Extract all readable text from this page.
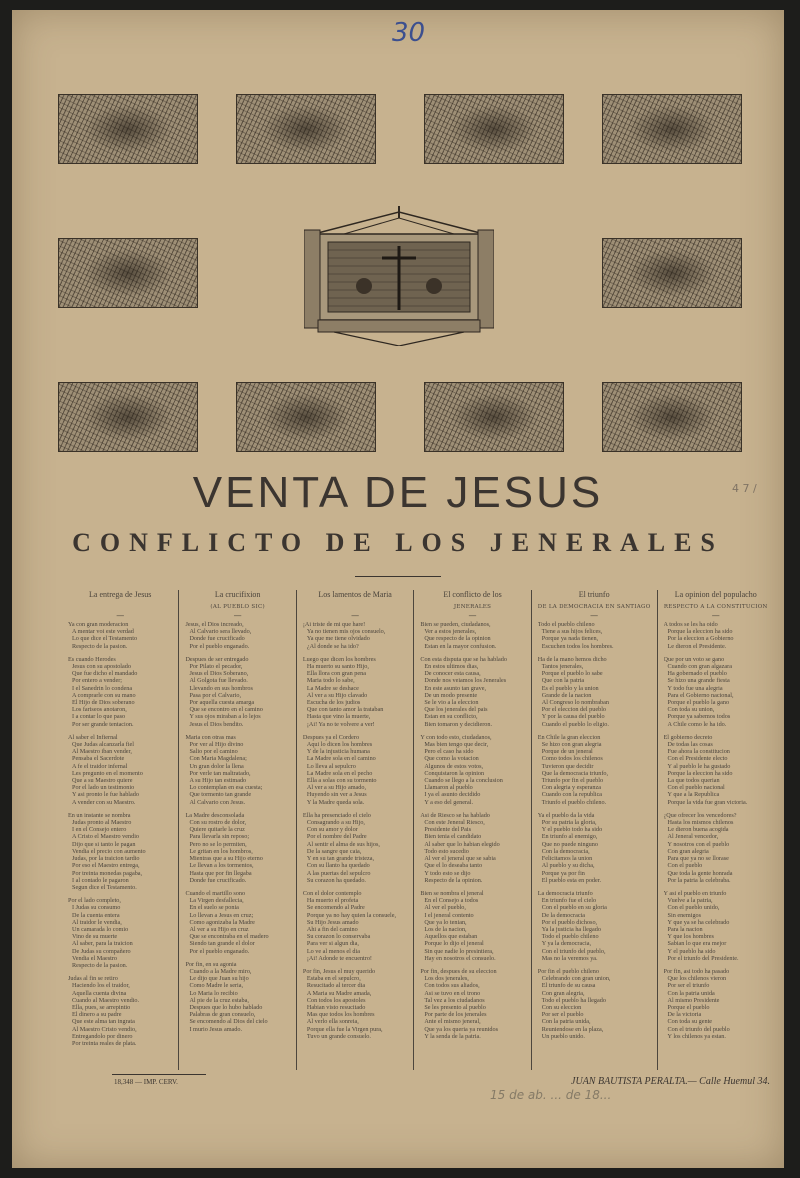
30
4 7 /
VENTA DE JESUS
CONFLICTO DE LOS JENERALES
La entrega de Jesus
—
Ya con gran moderacion
A mentar voi este verdad
Lo que dice el Testamento
Respecto de la pasion.
Es cuando Herodes
Jesus con su apostolado
Que fue dicho el mandado
Por entero a vender;
I el Sanedrin lo condena
A comprarle con su mano
El Hijo de Dios soberano
Los fariseos anotaron,
I a contar lo que paso
Por ser grande tentacion.
Al saber el Infiernal
Que Judas alcanzarla fiel
Al Maestro iban vender,
Pensaba el Sacerdote
A fe el traidor infernal
Les pregunto en el momento
Que a su Maestro quiere
Por el lado un testimonio
Y asi pronto le fue hablado
A vender con su Maestro.
En un instante se nombra
Judas pronto al Maestro
I en el Consejo entero
A Cristo el Maestro vendio
Dijo que si tanto le pagan
Vendia el precio con aumento
Judas, por la traicion tardio
Por eso el Maestro entrega,
Por treinta monedas pagaba,
I al contado le pagaron
Segun dice el Testamento.
Por el lado completo,
I Judas su consumo
De la cuenta entera
Al traidor le vendia,
Un camarada lo comio
Vino de su muerte
Al saber, para la traicion
De Judas su compañero
Vendia el Maestro
Respecto de la pasion.
Judas al fin se retiro
Haciendo los el traidor,
Aquella cuenta divina
Cuando al Maestro vendio.
Ella, pues, se arrepintio
El dinero a su padre
Que este alma tan ingrata
Al Maestro Cristo vendio,
Entregandolo por dinero
Por treinta reales de plata.
La crucifixion
(AL PUEBLO SIC)
—
Jesus, el Dios increado,
Al Calvario sera llevado,
Donde fue crucificado
Por el pueblo enganado.
Despues de ser entregado
Por Pilato el pecador,
Jesus el Dios Soberano,
Al Golgota fue llevado.
Llevando en sus hombros
Pasa por el Calvario,
Por aquella cuesta amarga
Que se encontro en el camino
Y sus ojos miraban a lo lejos
Jesus el Dios bendito.
Maria con otras mas
Por ver al Hijo divino
Salio por el camino
Con Maria Magdalena;
Un gran dolor la llena
Por verle tan maltratado,
A su Hijo tan estimado
Lo contemplan en esa cuesta;
Que tormento tan grande
Al Calvario con Jesus.
La Madre desconsolada
Con su rostro de dolor,
Quiere quitarle la cruz
Para llevarla sin reposo;
Pero no se lo permiten,
Le gritan en los hombros,
Mientras que a su Hijo eterno
Le llevan a los tormentos,
Hasta que por fin llegaba
Donde fue crucificado.
Cuando el martillo sono
La Virgen desfallecia,
En el suelo se ponia
Lo llevan a Jesus en cruz;
Como agonizaba la Madre
Al ver a su Hijo en cruz
Que se encontraba en el madero
Siendo tan grande el dolor
Por el pueblo enganado.
Por fin, en su agonia
Cuando a la Madre miro,
Le dijo que Juan su hijo
Como Madre le seria,
Lo Maria lo recibio
Al pie de la cruz estaba,
Despues que lo hubo hablado
Palabras de gran consuelo,
Se encomendo al Dios del cielo
I murio Jesus amado.
Los lamentos de Maria
—
¡Ai triste de mi que hare!
Ya no tienen mis ojos consuelo,
Ya que me tiene olvidado
¿Al donde se ha ido?
Luego que dicen los hombres
Ha muerto su santo Hijo,
Ella llora con gran pena
Maria todo lo sabe,
La Madre se deshace
Al ver a su Hijo clavado
Escucha de los judios
Que con tanto amor la trataban
Hasta que vino la muerte,
¡Ai! Ya no te volvere a ver!
Despues ya el Cordero
Aqui lo dicen los hombres
Y de la injusticia humana
La Madre sola en el camino
Lo lleva al sepulcro
La Madre sola en el pecho
Ella a solas con su tormento
Al ver a su Hijo amado,
Huyendo sin ver a Jesus
Y la Madre queda sola.
Ella ha presenciado el cielo
Consagrando a su Hijo,
Con su amor y dolor
Por el nombre del Padre
Al sentir el alma de sus hijos,
De la sangre que caia,
Y en su tan grande tristeza,
Con su llanto ha quedado
A las puertas del sepulcro
Su corazon ha quedado.
Con el dolor contemplo
Ha muerto el profeta
Se encomendo al Padre
Porque ya no hay quien la consuele,
Su Hijo Jesus amado
Ahi a fin del camino
Su corazon lo conservaba
Para ver si algun dia,
Lo ve al menos el dia
¡Ai! Adonde te encuentro!
Por fin, Jesus el muy querido
Estaba en el sepulcro,
Resucitado al tercer dia
A Maria su Madre amada,
Con todos los apostoles
Habian visto resucitado
Mas que todos los hombres
Al verlo ella sonreia,
Porque ella fue la Virgen pura,
Tuvo un grande consuelo.
El conflicto de los
JENERALES
—
Bien se pueden, ciudadanos,
Ver a estos jenerales,
Que respecto de la opinion
Estan en la mayor confusion.
Con esta disputa que se ha hablado
En estos ultimos dias,
De conocer esta causa,
Donde nos veiamos los Jenerales
En este asunto tan grave,
De un modo presente
Se le vio a la eleccion
Que los jenerales del pais
Estan en su conflicto,
Bien tomaron y decidieron.
Y con todo esto, ciudadanos,
Mas bien tengo que decir,
Pero el caso ha sido
Que como la votacion
Algunos de estos votos,
Conquistaron la opinion
Cuando se llego a la conclusion
Llamaron al pueblo
I ya el asunto decidido
Y a eso del general.
Asi de Riesco se ha hablado
Con este Jeneral Riesco,
Presidente del Pais
Bien tenia el candidato
Al saber que lo habian elegido
Todo esto sucedio
Al ver el jeneral que se sabia
Que el lo deseaba tanto
Y todo esto se dijo
Respecto de la opinion.
Bien se nombra el jeneral
En el Consejo a todos
Al ver el pueblo,
I el jeneral contento
Que ya lo tenian,
Los de la nacion,
Aquellos que estaban
Porque lo dijo el jeneral
Sin que nadie lo presintiera,
Hay en nosotros el consuelo.
Por fin, despues de su eleccion
Los dos jenerales,
Con todos sus aliados,
Asi se tuvo en el trono
Tal vez a los ciudadanos
Se les presento al pueblo
Por parte de los jenerales
Ante el mismo jeneral,
Que ya los queria ya reunidos
Y la senda de la patria.
El triunfo
DE LA DEMOCRACIA EN SANTIAGO
—
Todo el pueblo chileno
Tiene a sus hijos felices,
Porque ya nada tienen,
Escuchen todos los hombres.
Ha de la mano hemos dicho
Tantos jenerales,
Porque el pueblo lo sabe
Que con la patria
Es el pueblo y la union
Grande de la nacion
Al Congreso lo nombraban
Por el eleccion del pueblo
Y por la causa del pueblo
Cuando el pueblo lo eligio.
En Chile la gran eleccion
Se hizo con gran alegria
Porque de un jeneral
Como todos los chilenos
Tuvieron que decidir
Que la democracia triunfo,
Triunfo por fin el pueblo
Con alegria y esperanza
Cuando con la republica
Triunfo el pueblo chileno.
Ya el pueblo da la vida
Por su patria la gloria,
Y el pueblo todo ha sido
En triunfo al enemigo,
Que no puede ninguno
Con la democracia,
Felicitamos la union
Al pueblo y su dicha,
Porque ya por fin
El pueblo esta en poder.
La democracia triunfo
En triunfo fue el cielo
Con el pueblo en su gloria
De la democracia
Por el pueblo dichoso,
Ya la justicia ha llegado
Todo el pueblo chileno
Y ya la democracia,
Con el triunfo del pueblo,
Mas no la veremos ya.
Por fin el pueblo chileno
Celebrando con gran union,
El triunfo de su causa
Con gran alegria,
Todo el pueblo ha llegado
Con su eleccion
Por ser el pueblo
Con la patria unida,
Reuniendose en la plaza,
Un pueblo unido.
La opinion del populacho
RESPECTO A LA CONSTITUCION
—
A todos se les ha oido
Porque la eleccion ha sido
Por la eleccion a Gobierno
Le dieron el Presidente.
Que por un voto se gano
Cuando con gran algazara
Ha gobernado el pueblo
Se hizo una grande fiesta
Y todo fue una alegria
Para el Gobierno nacional,
Porque el pueblo la gano
Con toda su union,
Porque ya sabemos todos
A Chile como le ha ido.
El gobierno decreto
De todas las cosas
Fue ahora la constitucion
Con el Presidente electo
Y al pueblo le ha gustado
Porque la eleccion ha sido
La que todos querian
Con el pueblo nacional
Y que a la Republica
Porque la vida fue gran victoria.
¿Que ofrecer los vencedores?
Hasta los mismos chilenos
Le dieron buena acogida
Al Jeneral vencedor,
Y nosotros con el pueblo
Con gran alegria
Para que ya no se llorase
Con el pueblo
Que toda la gente honrada
Por la patria la celebraba.
Y asi el pueblo en triunfo
Vuelve a la patria,
Con el pueblo unido,
Sin enemigos
Y que ya se ha celebrado
Para la nacion
Y que los hombres
Sabian lo que era mejor
Y el pueblo ha sido
Por el triunfo del Presidente.
Por fin, asi todo ha pasado
Que los chilenos vieron
Por ser el triunfo
Con la patria unida
Al mismo Presidente
Porque el pueblo
De la victoria
Con toda su gente
Con el triunfo del pueblo
Y los chilenos ya estan.
18,348 — IMP. CERV.	JUAN BAUTISTA PERALTA.— Calle Huemul 34.
15 de ab. ... de 18...
